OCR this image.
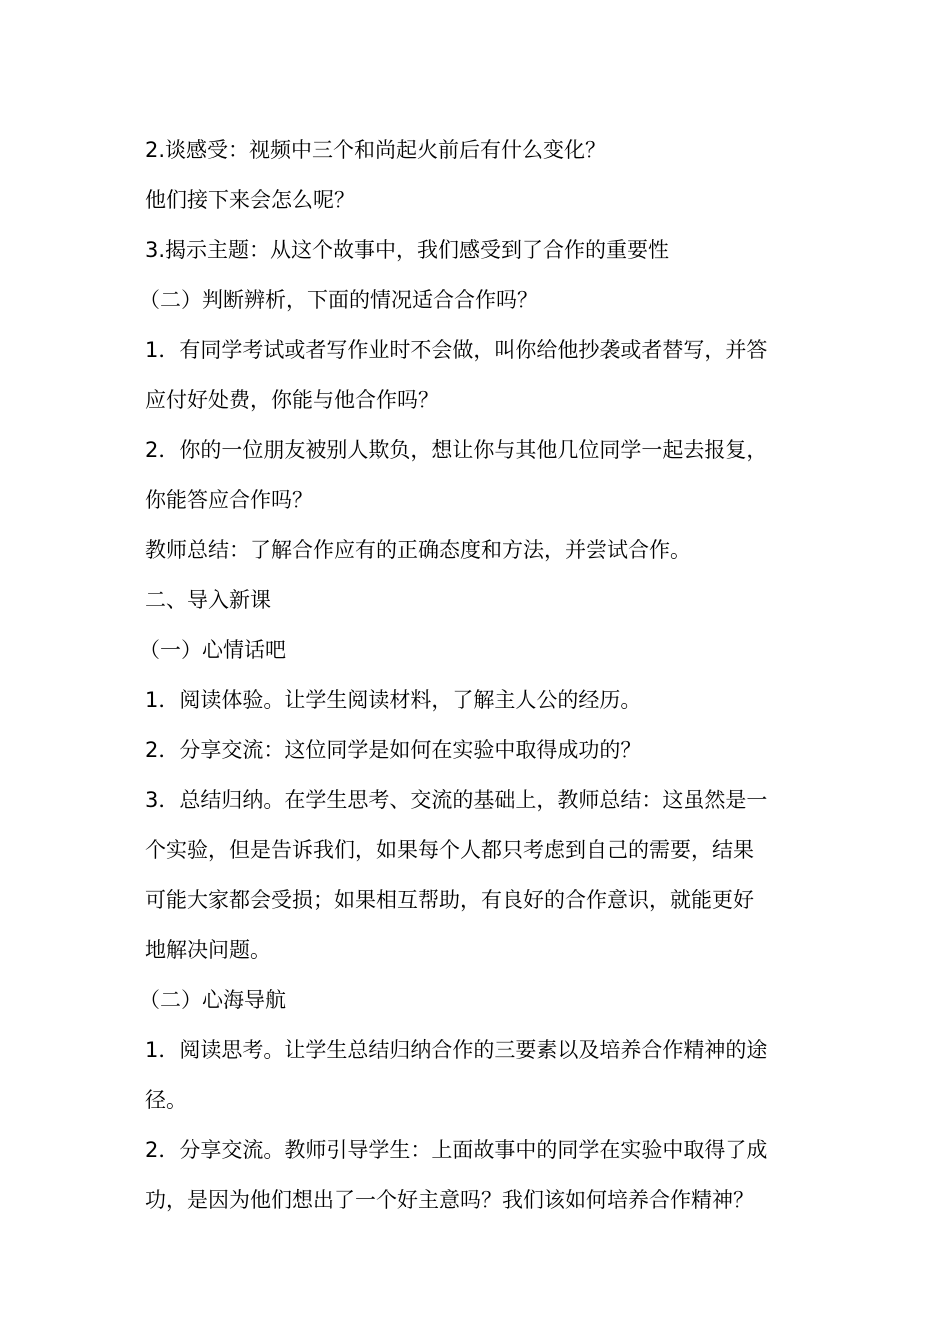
2.谈感受：视频中三个和尚起火前后有什么变化？
他们接下来会怎么呢？
3.揭示主题：从这个故事中，我们感受到了合作的重要性
（二）判断辨析，下面的情况适合合作吗？
1．有同学考试或者写作业时不会做，叫你给他抄袭或者替写，并答
应付好处费，你能与他合作吗？
2．你的一位朋友被别人欺负，想让你与其他几位同学一起去报复，
你能答应合作吗？
教师总结：了解合作应有的正确态度和方法，并尝试合作。
二、导入新课
（一）心情话吧
1．阅读体验。让学生阅读材料，了解主人公的经历。
2．分享交流：这位同学是如何在实验中取得成功的？
3．总结归纳。在学生思考、交流的基础上，教师总结：这虽然是一
个实验，但是告诉我们，如果每个人都只考虑到自己的需要，结果
可能大家都会受损；如果相互帮助，有良好的合作意识，就能更好
地解决问题。
（二）心海导航
1．阅读思考。让学生总结归纳合作的三要素以及培养合作精神的途
径。
2．分享交流。教师引导学生：上面故事中的同学在实验中取得了成
功，是因为他们想出了一个好主意吗？我们该如何培养合作精神？
